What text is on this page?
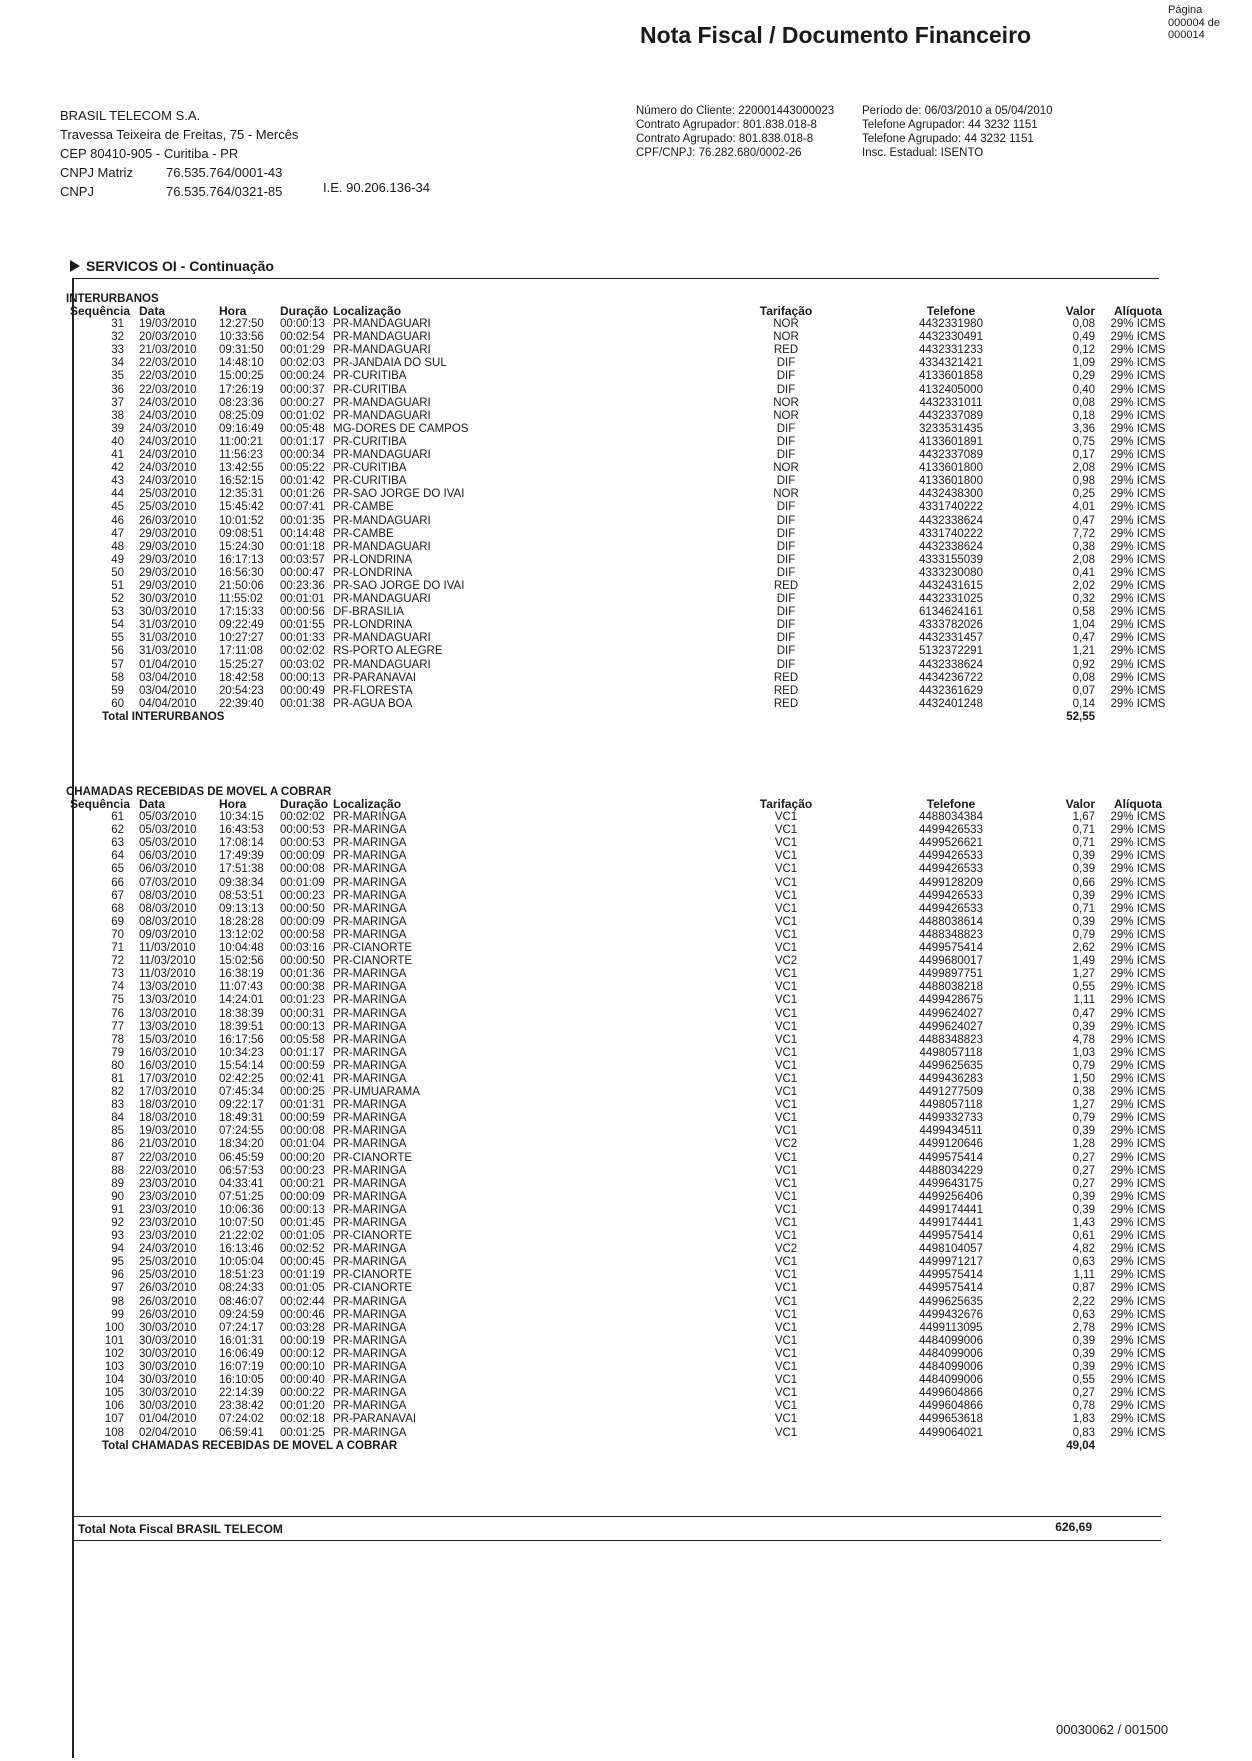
Nota Fiscal / Documento Financeiro
Página
000004 de
000014
BRASIL TELECOM S.A.
Travessa Teixeira de Freitas, 75 - Mercês
CEP 80410-905 - Curitiba - PR
CNPJ Matriz	76.535.764/0001-43
CNPJ	76.535.764/0321-85	I.E. 90.206.136-34
Número do Cliente: 220001443000023
Contrato Agrupador: 801.838.018-8
Contrato Agrupado: 801.838.018-8
CPF/CNPJ: 76.282.680/0002-26
Período de: 06/03/2010 a 05/04/2010
Telefone Agrupador: 44 3232 1151
Telefone Agrupado: 44 3232 1151
Insc. Estadual: ISENTO
SERVICOS OI - Continuação
INTERURBANOS
Sequência Data	Hora	Duração Localização	Tarifação	Telefone	Valor	Alíquota
31 19/03/2010 12:27:50 00:00:13 PR-MANDAGUARI	NOR	4432331980	0,08	29% ICMS
32 20/03/2010 10:33:56 00:02:54 PR-MANDAGUARI	NOR	4432330491	0,49	29% ICMS
33 21/03/2010 09:31:50 00:01:29 PR-MANDAGUARI	RED	4432331233	0,12	29% ICMS
34 22/03/2010 14:48:10 00:02:03 PR-JANDAIA DO SUL	DIF	4334321421	1,09	29% ICMS
35 22/03/2010 15:00:25 00:00:24 PR-CURITIBA	DIF	4133601858	0,29	29% ICMS
36 22/03/2010 17:26:19 00:00:37 PR-CURITIBA	DIF	4132405000	0,40	29% ICMS
37 24/03/2010 08:23:36 00:00:27 PR-MANDAGUARI	NOR	4432331011	0,08	29% ICMS
38 24/03/2010 08:25:09 00:01:02 PR-MANDAGUARI	NOR	4432337089	0,18	29% ICMS
39 24/03/2010 09:16:49 00:05:48 MG-DORES DE CAMPOS	DIF	3233531435	3,36	29% ICMS
40 24/03/2010 11:00:21 00:01:17 PR-CURITIBA	DIF	4133601891	0,75	29% ICMS
41 24/03/2010 11:56:23 00:00:34 PR-MANDAGUARI	DIF	4432337089	0,17	29% ICMS
42 24/03/2010 13:42:55 00:05:22 PR-CURITIBA	NOR	4133601800	2,08	29% ICMS
43 24/03/2010 16:52:15 00:01:42 PR-CURITIBA	DIF	4133601800	0,98	29% ICMS
44 25/03/2010 12:35:31 00:01:26 PR-SAO JORGE DO IVAI	NOR	4432438300	0,25	29% ICMS
45 25/03/2010 15:45:42 00:07:41 PR-CAMBE	DIF	4331740222	4,01	29% ICMS
46 26/03/2010 10:01:52 00:01:35 PR-MANDAGUARI	DIF	4432338624	0,47	29% ICMS
47 29/03/2010 09:08:51 00:14:48 PR-CAMBE	DIF	4331740222	7,72	29% ICMS
48 29/03/2010 15:24:30 00:01:18 PR-MANDAGUARI	DIF	4432338624	0,38	29% ICMS
49 29/03/2010 16:17:13 00:03:57 PR-LONDRINA	DIF	4333155039	2,08	29% ICMS
50 29/03/2010 16:56:30 00:00:47 PR-LONDRINA	DIF	4333230080	0,41	29% ICMS
51 29/03/2010 21:50:06 00:23:36 PR-SAO JORGE DO IVAI	RED	4432431615	2,02	29% ICMS
52 30/03/2010 11:55:02 00:01:01 PR-MANDAGUARI	DIF	4432331025	0,32	29% ICMS
53 30/03/2010 17:15:33 00:00:56 DF-BRASILIA	DIF	6134624161	0,58	29% ICMS
54 31/03/2010 09:22:49 00:01:55 PR-LONDRINA	DIF	4333782026	1,04	29% ICMS
55 31/03/2010 10:27:27 00:01:33 PR-MANDAGUARI	DIF	4432331457	0,47	29% ICMS
56 31/03/2010 17:11:08 00:02:02 RS-PORTO ALEGRE	DIF	5132372291	1,21	29% ICMS
57 01/04/2010 15:25:27 00:03:02 PR-MANDAGUARI	DIF	4432338624	0,92	29% ICMS
58 03/04/2010 18:42:58 00:00:13 PR-PARANAVAI	RED	4434236722	0,08	29% ICMS
59 03/04/2010 20:54:23 00:00:49 PR-FLORESTA	RED	4432361629	0,07	29% ICMS
60 04/04/2010 22:39:40 00:01:38 PR-AGUA BOA	RED	4432401248	0,14	29% ICMS
Total INTERURBANOS	52,55
CHAMADAS RECEBIDAS DE MOVEL A COBRAR
Sequência Data	Hora	Duração Localização	Tarifação	Telefone	Valor	Alíquota
61 05/03/2010 10:34:15 00:02:02 PR-MARINGA	VC1	4488034384	1,67	29% ICMS
62 05/03/2010 16:43:53 00:00:53 PR-MARINGA	VC1	4499426533	0,71	29% ICMS
63 05/03/2010 17:08:14 00:00:53 PR-MARINGA	VC1	4499526621	0,71	29% ICMS
64 06/03/2010 17:49:39 00:00:09 PR-MARINGA	VC1	4499426533	0,39	29% ICMS
65 06/03/2010 17:51:38 00:00:08 PR-MARINGA	VC1	4499426533	0,39	29% ICMS
66 07/03/2010 09:38:34 00:01:09 PR-MARINGA	VC1	4499128209	0,66	29% ICMS
67 08/03/2010 08:53:51 00:00:23 PR-MARINGA	VC1	4499426533	0,39	29% ICMS
68 08/03/2010 09:13:13 00:00:50 PR-MARINGA	VC1	4499426533	0,71	29% ICMS
69 08/03/2010 18:28:28 00:00:09 PR-MARINGA	VC1	4488038614	0,39	29% ICMS
70 09/03/2010 13:12:02 00:00:58 PR-MARINGA	VC1	4488348823	0,79	29% ICMS
71 11/03/2010 10:04:48 00:03:16 PR-CIANORTE	VC1	4499575414	2,62	29% ICMS
72 11/03/2010 15:02:56 00:00:50 PR-CIANORTE	VC2	4499680017	1,49	29% ICMS
73 11/03/2010 16:38:19 00:01:36 PR-MARINGA	VC1	4499897751	1,27	29% ICMS
74 13/03/2010 11:07:43 00:00:38 PR-MARINGA	VC1	4488038218	0,55	29% ICMS
75 13/03/2010 14:24:01 00:01:23 PR-MARINGA	VC1	4499428675	1,11	29% ICMS
76 13/03/2010 18:38:39 00:00:31 PR-MARINGA	VC1	4499624027	0,47	29% ICMS
77 13/03/2010 18:39:51 00:00:13 PR-MARINGA	VC1	4499624027	0,39	29% ICMS
78 15/03/2010 16:17:56 00:05:58 PR-MARINGA	VC1	4488348823	4,78	29% ICMS
79 16/03/2010 10:34:23 00:01:17 PR-MARINGA	VC1	4498057118	1,03	29% ICMS
80 16/03/2010 15:54:14 00:00:59 PR-MARINGA	VC1	4499625635	0,79	29% ICMS
81 17/03/2010 02:42:25 00:02:41 PR-MARINGA	VC1	4499436283	1,50	29% ICMS
82 17/03/2010 07:45:34 00:00:25 PR-UMUARAMA	VC1	4491277509	0,38	29% ICMS
83 18/03/2010 09:22:17 00:01:31 PR-MARINGA	VC1	4498057118	1,27	29% ICMS
84 18/03/2010 18:49:31 00:00:59 PR-MARINGA	VC1	4499332733	0,79	29% ICMS
85 19/03/2010 07:24:55 00:00:08 PR-MARINGA	VC1	4499434511	0,39	29% ICMS
86 21/03/2010 18:34:20 00:01:04 PR-MARINGA	VC2	4499120646	1,28	29% ICMS
87 22/03/2010 06:45:59 00:00:20 PR-CIANORTE	VC1	4499575414	0,27	29% ICMS
88 22/03/2010 06:57:53 00:00:23 PR-MARINGA	VC1	4488034229	0,27	29% ICMS
89 23/03/2010 04:33:41 00:00:21 PR-MARINGA	VC1	4499643175	0,27	29% ICMS
90 23/03/2010 07:51:25 00:00:09 PR-MARINGA	VC1	4499256406	0,39	29% ICMS
91 23/03/2010 10:06:36 00:00:13 PR-MARINGA	VC1	4499174441	0,39	29% ICMS
92 23/03/2010 10:07:50 00:01:45 PR-MARINGA	VC1	4499174441	1,43	29% ICMS
93 23/03/2010 21:22:02 00:01:05 PR-CIANORTE	VC1	4499575414	0,61	29% ICMS
94 24/03/2010 16:13:46 00:02:52 PR-MARINGA	VC2	4498104057	4,82	29% ICMS
95 25/03/2010 10:05:04 00:00:45 PR-MARINGA	VC1	4499971217	0,63	29% ICMS
96 25/03/2010 18:51:23 00:01:19 PR-CIANORTE	VC1	4499575414	1,11	29% ICMS
97 26/03/2010 08:24:33 00:01:05 PR-CIANORTE	VC1	4499575414	0,87	29% ICMS
98 26/03/2010 08:46:07 00:02:44 PR-MARINGA	VC1	4499625635	2,22	29% ICMS
99 26/03/2010 09:24:59 00:00:46 PR-MARINGA	VC1	4499432676	0,63	29% ICMS
100 30/03/2010 07:24:17 00:03:28 PR-MARINGA	VC1	4499113095	2,78	29% ICMS
101 30/03/2010 16:01:31 00:00:19 PR-MARINGA	VC1	4484099006	0,39	29% ICMS
102 30/03/2010 16:06:49 00:00:12 PR-MARINGA	VC1	4484099006	0,39	29% ICMS
103 30/03/2010 16:07:19 00:00:10 PR-MARINGA	VC1	4484099006	0,39	29% ICMS
104 30/03/2010 16:10:05 00:00:40 PR-MARINGA	VC1	4484099006	0,55	29% ICMS
105 30/03/2010 22:14:39 00:00:22 PR-MARINGA	VC1	4499604866	0,27	29% ICMS
106 30/03/2010 23:38:42 00:01:20 PR-MARINGA	VC1	4499604866	0,78	29% ICMS
107 01/04/2010 07:24:02 00:02:18 PR-PARANAVAI	VC1	4499653618	1,83	29% ICMS
108 02/04/2010 06:59:41 00:01:25 PR-MARINGA	VC1	4499064021	0,83	29% ICMS
Total CHAMADAS RECEBIDAS DE MOVEL A COBRAR	49,04
Total Nota Fiscal BRASIL TELECOM	626,69
00030062 / 001500
